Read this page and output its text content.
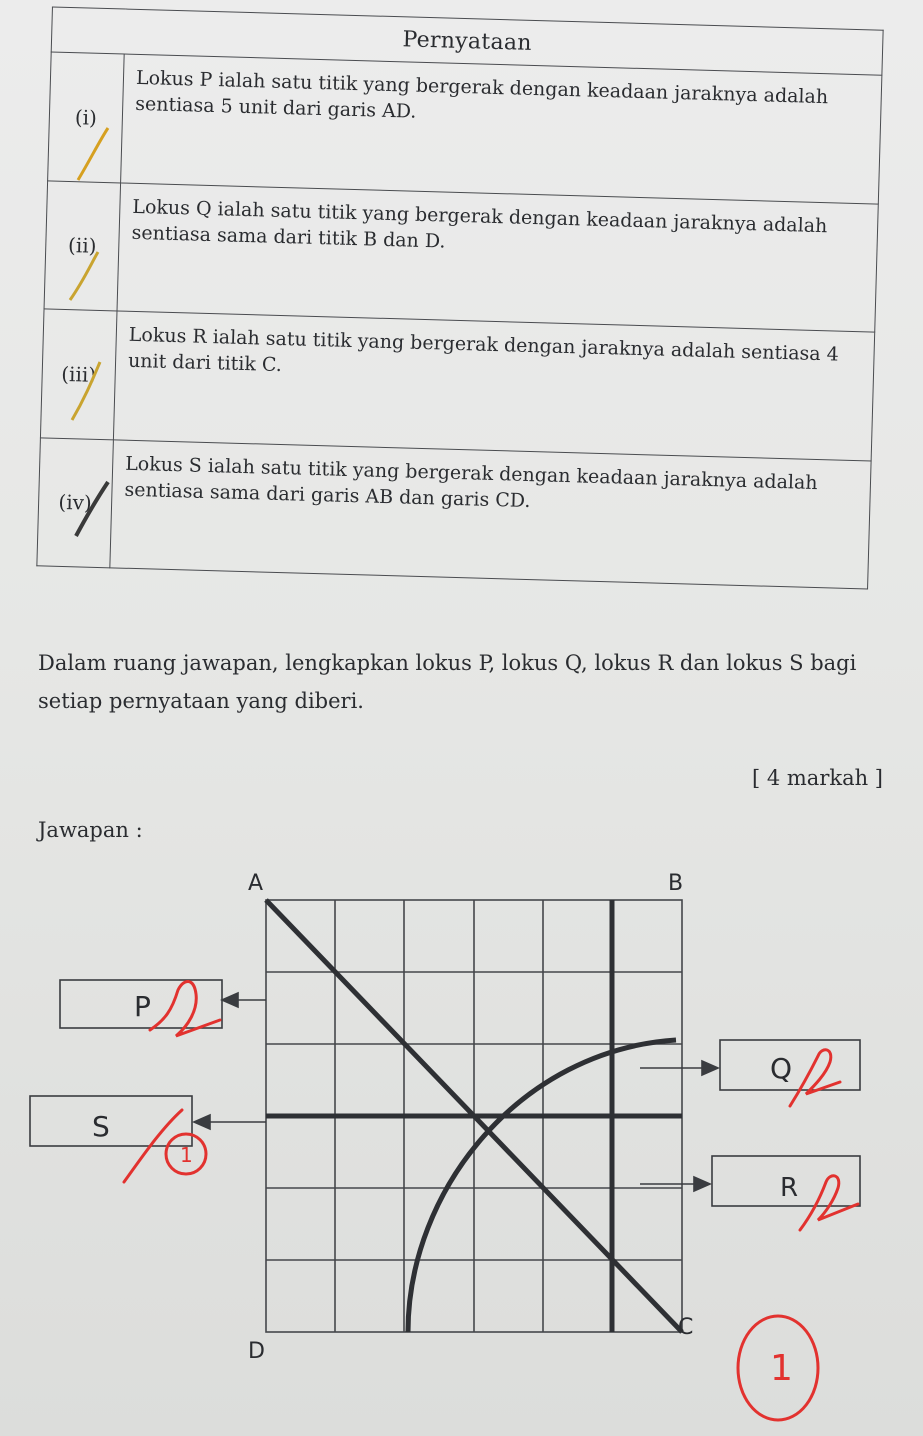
Pernyataan	
(i)	Lokus P ialah satu titik yang bergerak dengan keadaan jaraknya adalah sentiasa 5 unit dari garis AD.
(ii)	Lokus Q ialah satu titik yang bergerak dengan keadaan jaraknya adalah sentiasa sama dari titik B dan D.
(iii)	Lokus R ialah satu titik yang bergerak dengan jaraknya adalah sentiasa 4 unit dari titik C.
(iv)	Lokus S ialah satu titik yang bergerak dengan keadaan jaraknya adalah sentiasa sama dari garis AB dan garis CD.

Dalam ruang jawapan, lengkapkan lokus P, lokus Q, lokus R dan lokus S bagi setiap pernyataan yang diberi.

[ 4 markah ]
Jawapan :
A	B
C
D
P
S
Q
R
1
1
